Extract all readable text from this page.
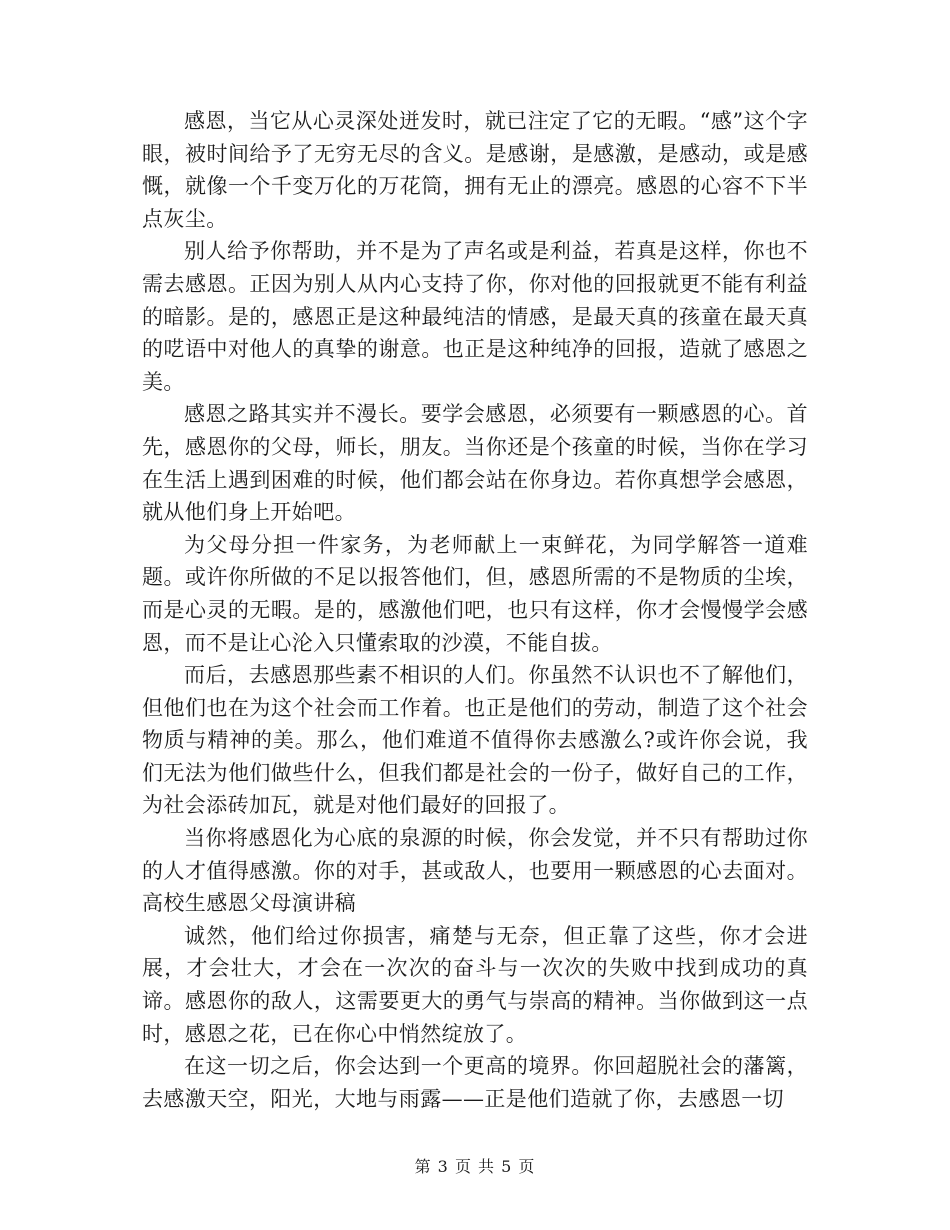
感恩，当它从心灵深处迸发时，就已注定了它的无暇。“感”这个字眼，被时间给予了无穷无尽的含义。是感谢，是感激，是感动，或是感慨，就像一个千变万化的万花筒，拥有无止的漂亮。感恩的心容不下半点灰尘。

别人给予你帮助，并不是为了声名或是利益，若真是这样，你也不需去感恩。正因为别人从内心支持了你，你对他的回报就更不能有利益的暗影。是的，感恩正是这种最纯洁的情感，是最天真的孩童在最天真的呓语中对他人的真挚的谢意。也正是这种纯净的回报，造就了感恩之美。

感恩之路其实并不漫长。要学会感恩，必须要有一颗感恩的心。首先，感恩你的父母，师长，朋友。当你还是个孩童的时候，当你在学习在生活上遇到困难的时候，他们都会站在你身边。若你真想学会感恩，就从他们身上开始吧。

为父母分担一件家务，为老师献上一束鲜花，为同学解答一道难题。或许你所做的不足以报答他们，但，感恩所需的不是物质的尘埃，而是心灵的无暇。是的，感激他们吧，也只有这样，你才会慢慢学会感恩，而不是让心沦入只懂索取的沙漠，不能自拔。

而后，去感恩那些素不相识的人们。你虽然不认识也不了解他们，但他们也在为这个社会而工作着。也正是他们的劳动，制造了这个社会物质与精神的美。那么，他们难道不值得你去感激么?或许你会说，我们无法为他们做些什么，但我们都是社会的一份子，做好自己的工作，为社会添砖加瓦，就是对他们最好的回报了。

当你将感恩化为心底的泉源的时候，你会发觉，并不只有帮助过你的人才值得感激。你的对手，甚或敌人，也要用一颗感恩的心去面对。高校生感恩父母演讲稿

诚然，他们给过你损害，痛楚与无奈，但正靠了这些，你才会进展，才会壮大，才会在一次次的奋斗与一次次的失败中找到成功的真谛。感恩你的敌人，这需要更大的勇气与崇高的精神。当你做到这一点时，感恩之花，已在你心中悄然绽放了。

在这一切之后，你会达到一个更高的境界。你回超脱社会的藩篱，去感激天空，阳光，大地与雨露——正是他们造就了你，去感恩一切

第 3 页 共 5 页
